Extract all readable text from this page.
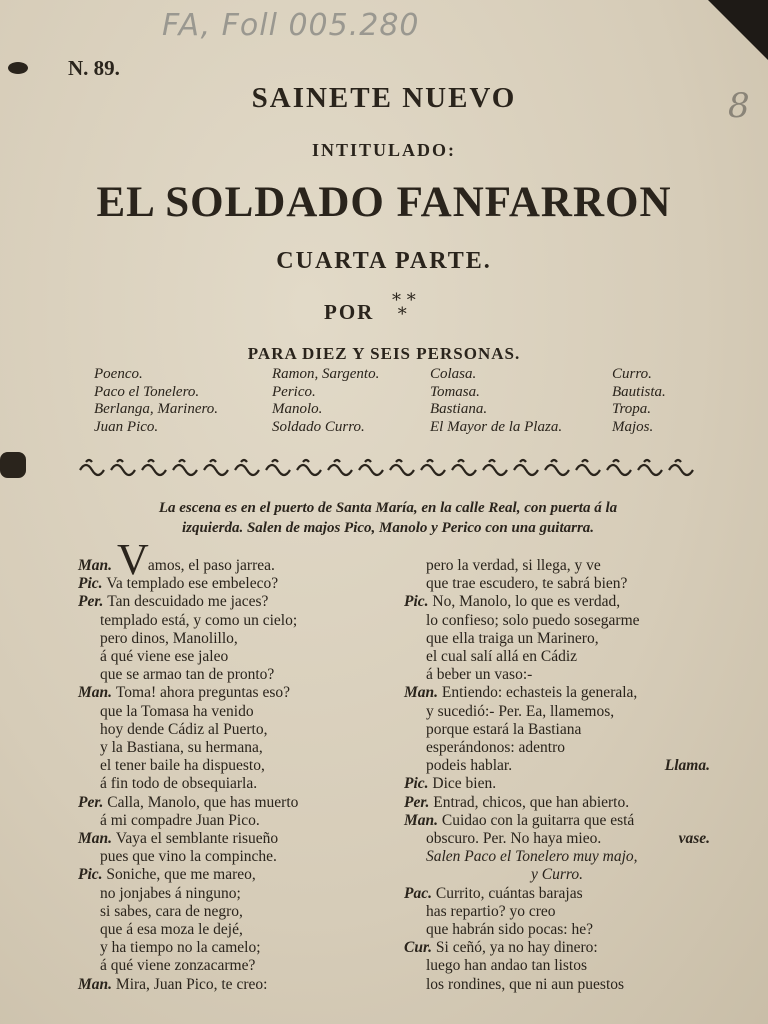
FA, Foll 005.280
8
N. 89.
SAINETE NUEVO
INTITULADO:
EL SOLDADO FANFARRON
CUARTA PARTE.
POR * *
*
PARA DIEZ Y SEIS PERSONAS.
Poenco.
Paco el Tonelero.
Berlanga, Marinero.
Juan Pico.
Ramon, Sargento.
Perico.
Manolo.
Soldado Curro.
Colasa.
Tomasa.
Bastiana.
El Mayor de la Plaza.
Curro.
Bautista.
Tropa.
Majos.
La escena es en el puerto de Santa María, en la calle Real, con puerta á la
izquierda. Salen de majos Pico, Manolo y Perico con una guitarra.
V
Man. amos, el paso jarrea.
Pic. Va templado ese embeleco?
Per. Tan descuidado me jaces?
templado está, y como un cielo;
pero dinos, Manolillo,
á qué viene ese jaleo
que se armao tan de pronto?
Man. Toma! ahora preguntas eso?
que la Tomasa ha venido
hoy dende Cádiz al Puerto,
y la Bastiana, su hermana,
el tener baile ha dispuesto,
á fin todo de obsequiarla.
Per. Calla, Manolo, que has muerto
á mi compadre Juan Pico.
Man. Vaya el semblante risueño
pues que vino la compinche.
Pic. Soniche, que me mareo,
no jonjabes á ninguno;
si sabes, cara de negro,
que á esa moza le dejé,
y ha tiempo no la camelo;
á qué viene zonzacarme?
Man. Mira, Juan Pico, te creo:
pero la verdad, si llega, y ve
que trae escudero, te sabrá bien?
Pic. No, Manolo, lo que es verdad,
lo confieso; solo puedo sosegarme
que ella traiga un Marinero,
el cual salí allá en Cádiz
á beber un vaso:-
Man. Entiendo: echasteis la generala,
y sucedió:- Per. Ea, llamemos,
porque estará la Bastiana
esperándonos: adentro
podeis hablar.	Llama.
Pic. Dice bien.
Per. Entrad, chicos, que han abierto.
Man. Cuidao con la guitarra que está
obscuro. Per. No haya mieo.	vase.
Salen Paco el Tonelero muy majo,
y Curro.
Pac. Currito, cuántas barajas
has repartio? yo creo
que habrán sido pocas: he?
Cur. Si ceñó, ya no hay dinero:
luego han andao tan listos
los rondines, que ni aun puestos
